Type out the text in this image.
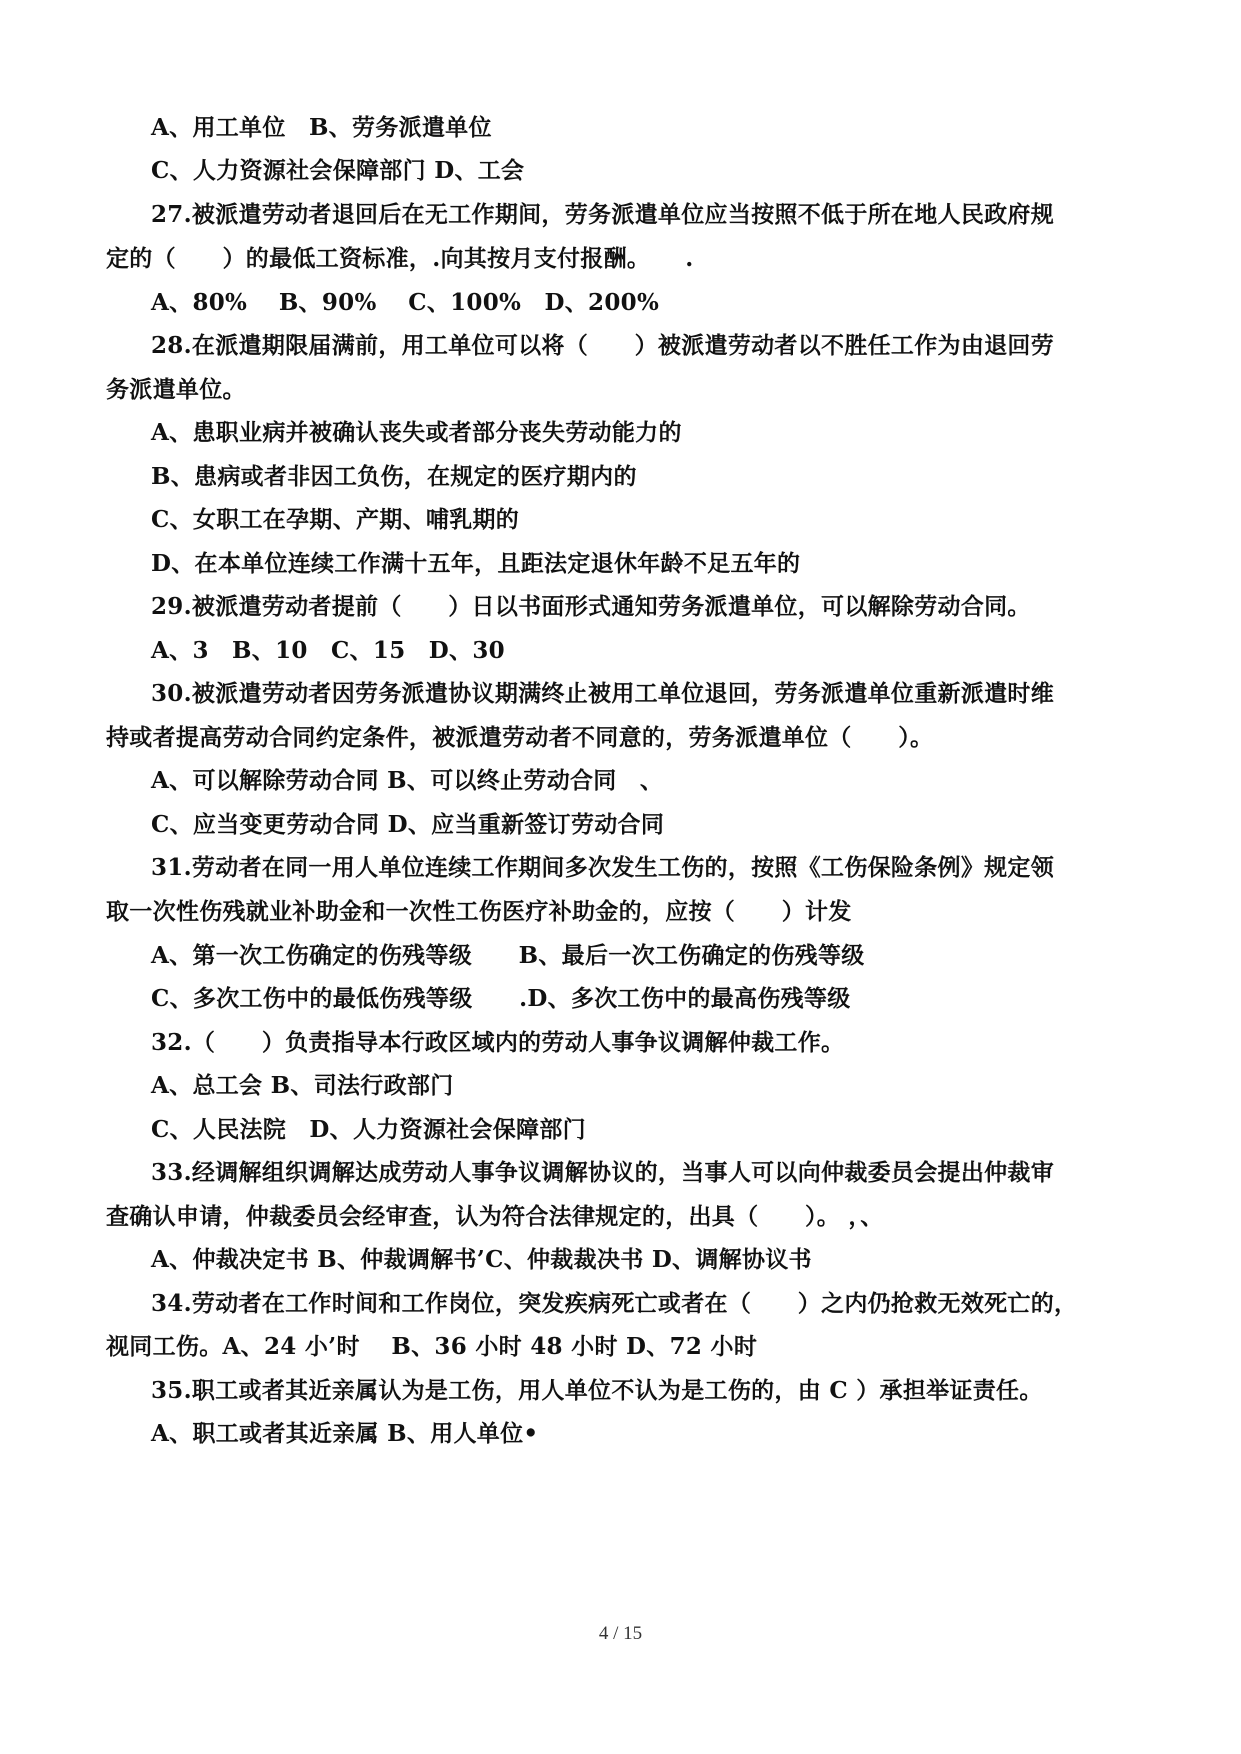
A、用工单位　B、劳务派遣单位
C、人力资源社会保障部门 D、工会
27.被派遣劳动者退回后在无工作期间，劳务派遣单位应当按照不低于所在地人民政府规
定的（　　）的最低工资标准，.向其按月支付报酬。　　.
A、80%　 B、90%　 C、100%　D、200%
28.在派遣期限届满前，用工单位可以将（　　）被派遣劳动者以不胜任工作为由退回劳
务派遣单位。
A、患职业病并被确认丧失或者部分丧失劳动能力的
B、患病或者非因工负伤，在规定的医疗期内的
C、女职工在孕期、产期、哺乳期的
D、在本单位连续工作满十五年，且距法定退休年龄不足五年的
29.被派遣劳动者提前（　　）日以书面形式通知劳务派遣单位，可以解除劳动合同。
A、3　B、10　C、15　D、30
30.被派遣劳动者因劳务派遣协议期满终止被用工单位退回，劳务派遣单位重新派遣时维
持或者提高劳动合同约定条件，被派遣劳动者不同意的，劳务派遣单位（　　）。
A、可以解除劳动合同 B、可以终止劳动合同　、
C、应当变更劳动合同 D、应当重新签订劳动合同
31.劳动者在同一用人单位连续工作期间多次发生工伤的，按照《工伤保险条例》规定领
取一次性伤残就业补助金和一次性工伤医疗补助金的，应按（　　）计发
A、第一次工伤确定的伤残等级　　B、最后一次工伤确定的伤残等级
C、多次工伤中的最低伤残等级　　.D、多次工伤中的最高伤残等级
32.（　　）负责指导本行政区域内的劳动人事争议调解仲裁工作。
A、总工会 B、司法行政部门
C、人民法院　D、人力资源社会保障部门
33.经调解组织调解达成劳动人事争议调解协议的，当事人可以向仲裁委员会提出仲裁审
查确认申请，仲裁委员会经审查，认为符合法律规定的，出具（　　）。 ，、
A、仲裁决定书 B、仲裁调解书’C、仲裁裁决书 D、调解协议书
34.劳动者在工作时间和工作岗位，突发疾病死亡或者在（　　）之内仍抢救无效死亡的，
视同工伤。A、24 小’时　 B、36 小时 48 小时 D、72 小时
35.职工或者其近亲属认为是工伤，用人单位不认为是工伤的，由 C ）承担举证责任。
A、职工或者其近亲属 B、用人单位•
4 / 15
